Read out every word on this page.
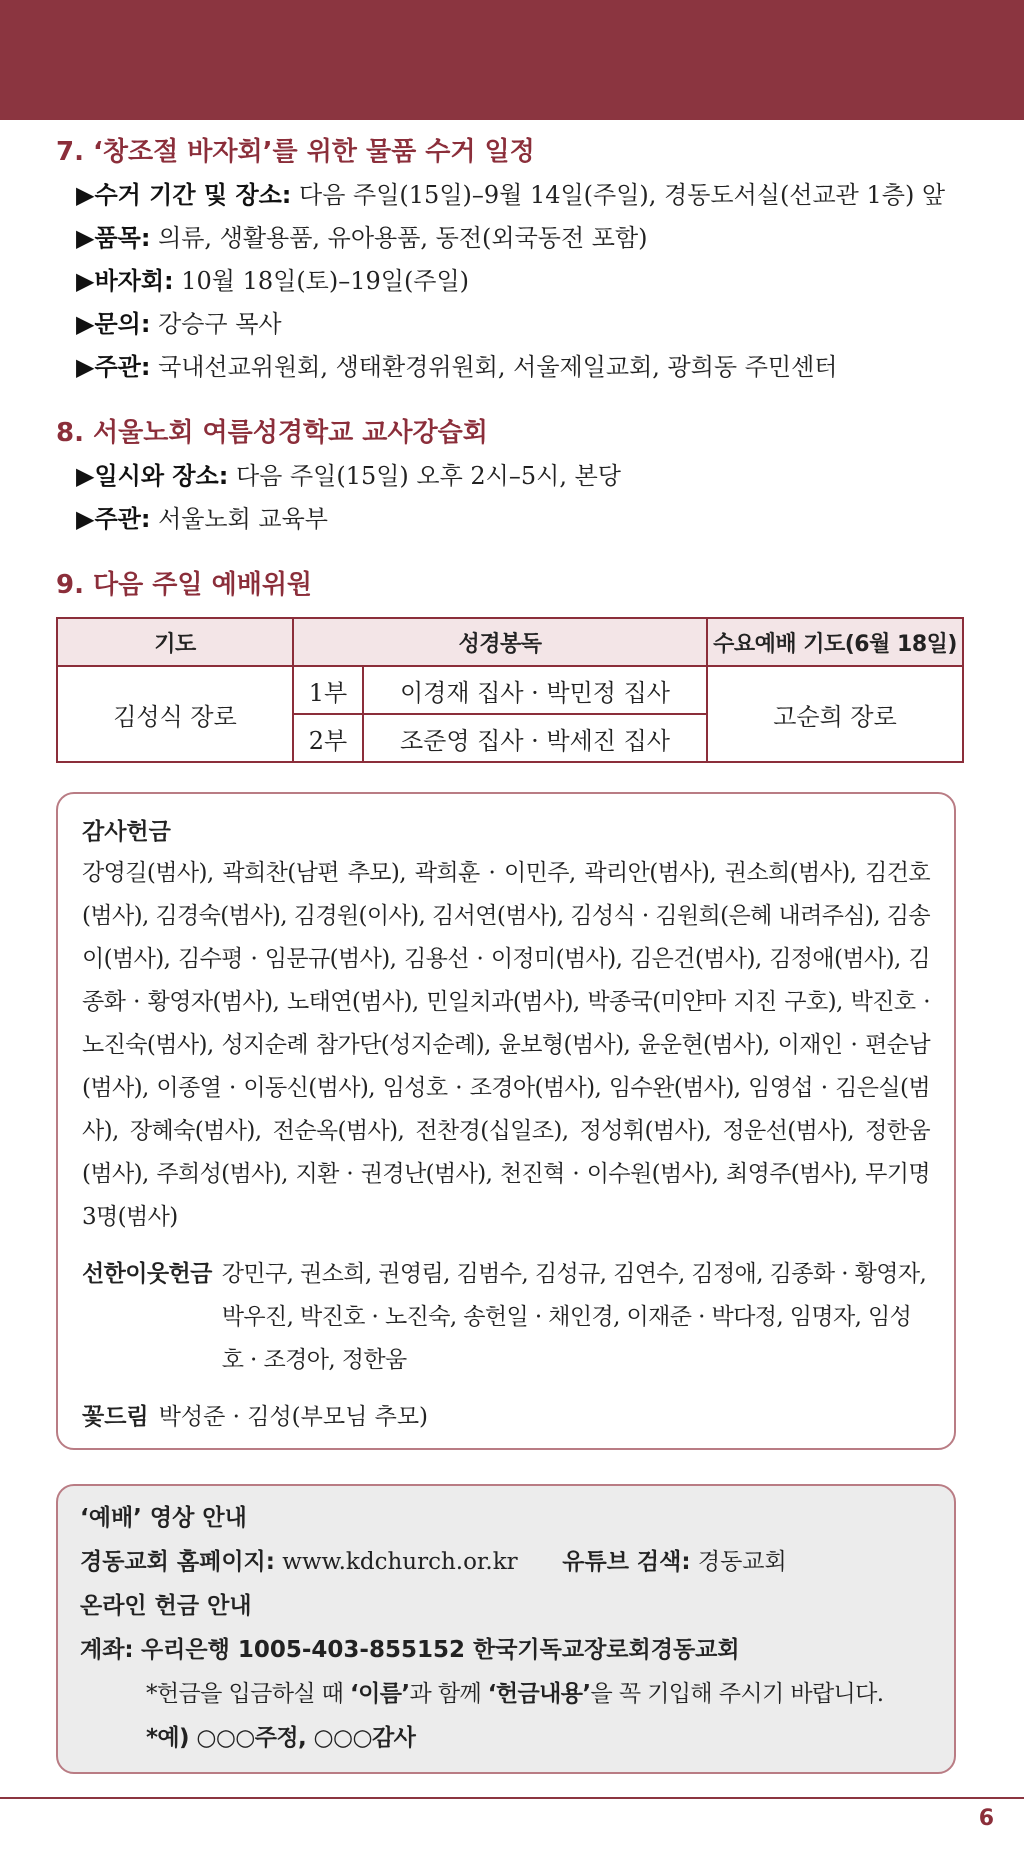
7. ‘창조절 바자회’를 위한 물품 수거 일정
▶수거 기간 및 장소: 다음 주일(15일)–9월 14일(주일), 경동도서실(선교관 1층) 앞
▶품목: 의류, 생활용품, 유아용품, 동전(외국동전 포함)
▶바자회: 10월 18일(토)–19일(주일)
▶문의: 강승구 목사
▶주관: 국내선교위원회, 생태환경위원회, 서울제일교회, 광희동 주민센터
8. 서울노회 여름성경학교 교사강습회
▶일시와 장소: 다음 주일(15일) 오후 2시–5시, 본당
▶주관: 서울노회 교육부
9. 다음 주일 예배위원
기도	성경봉독		수요예배 기도(6월 18일)
김성식 장로	1부	이경재 집사 · 박민정 집사	고순희 장로
	2부	조준영 집사 · 박세진 집사	
감사헌금

강영길(범사), 곽희찬(남편 추모), 곽희훈 · 이민주, 곽리안(범사), 권소희(범사), 김건호(범사), 김경숙(범사), 김경원(이사), 김서연(범사), 김성식 · 김원희(은혜 내려주심), 김송이(범사), 김수평 · 임문규(범사), 김용선 · 이정미(범사), 김은건(범사), 김정애(범사), 김종화 · 황영자(범사), 노태연(범사), 민일치과(범사), 박종국(미얀마 지진 구호), 박진호 · 노진숙(범사), 성지순례 참가단(성지순례), 윤보형(범사), 윤운현(범사), 이재인 · 편순남(범사), 이종열 · 이동신(범사), 임성호 · 조경아(범사), 임수완(범사), 임영섭 · 김은실(범사), 장혜숙(범사), 전순옥(범사), 전찬경(십일조), 정성휘(범사), 정운선(범사), 정한움(범사), 주희성(범사), 지환 · 권경난(범사), 천진혁 · 이수원(범사), 최영주(범사), 무기명 3명(범사)

선한이웃헌금 강민구, 권소희, 권영림, 김범수, 김성규, 김연수, 김정애, 김종화 · 황영자, 박우진, 박진호 · 노진숙, 송헌일 · 채인경, 이재준 · 박다정, 임명자, 임성호 · 조경아, 정한움
꽃드림 박성준 · 김성(부모님 추모)
‘예배’ 영상 안내
경동교회 홈페이지: www.kdchurch.or.kr 유튜브 검색: 경동교회
온라인 헌금 안내
계좌: 우리은행 1005-403-855152 한국기독교장로회경동교회
*헌금을 입금하실 때 ‘이름’과 함께 ‘헌금내용’을 꼭 기입해 주시기 바랍니다.
*예) ○○○주정, ○○○감사
6
